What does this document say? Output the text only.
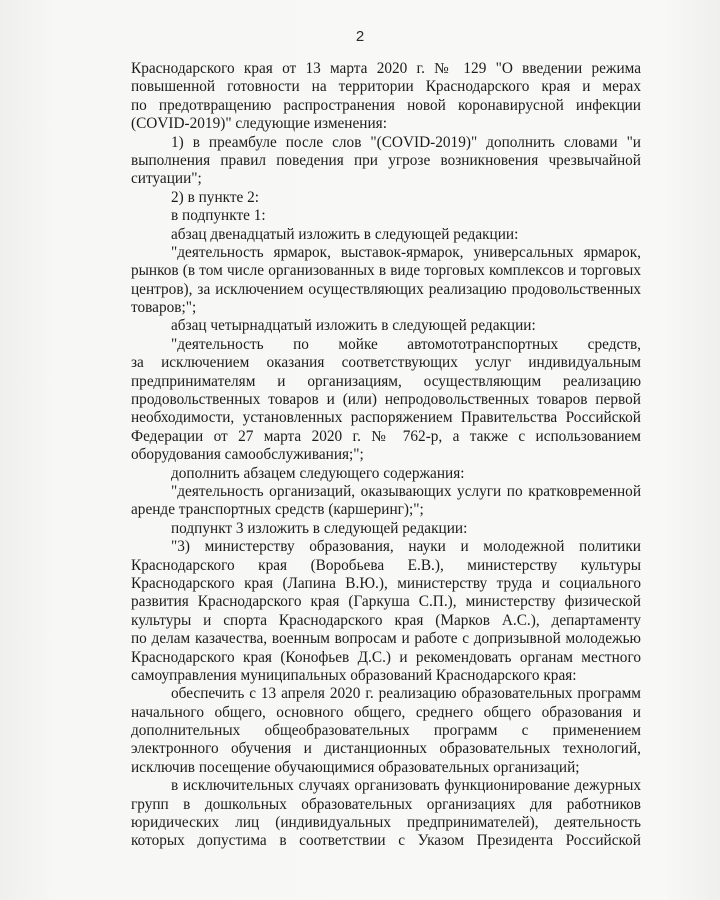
2
Краснодарского края от 13 марта 2020 г. № 129 "О введении режима
повышенной готовности на территории Краснодарского края и мерах
по предотвращению распространения новой коронавирусной инфекции
(COVID-2019)" следующие изменения:
1) в преамбуле после слов "(COVID-2019)" дополнить словами "и
выполнения правил поведения при угрозе возникновения чрезвычайной
ситуации";
2) в пункте 2:
в подпункте 1:
абзац двенадцатый изложить в следующей редакции:
"деятельность ярмарок, выставок-ярмарок, универсальных ярмарок,
рынков (в том числе организованных в виде торговых комплексов и торговых
центров), за исключением осуществляющих реализацию продовольственных
товаров;";
абзац четырнадцатый изложить в следующей редакции:
"деятельность по мойке автомототранспортных средств,
за исключением оказания соответствующих услуг индивидуальным
предпринимателям и организациям, осуществляющим реализацию
продовольственных товаров и (или) непродовольственных товаров первой
необходимости, установленных распоряжением Правительства Российской
Федерации от 27 марта 2020 г. № 762-р, а также с использованием
оборудования самообслуживания;";
дополнить абзацем следующего содержания:
"деятельность организаций, оказывающих услуги по кратковременной
аренде транспортных средств (каршеринг);";
подпункт 3 изложить в следующей редакции:
"3) министерству образования, науки и молодежной политики
Краснодарского края (Воробьева Е.В.), министерству культуры
Краснодарского края (Лапина В.Ю.), министерству труда и социального
развития Краснодарского края (Гаркуша С.П.), министерству физической
культуры и спорта Краснодарского края (Марков А.С.), департаменту
по делам казачества, военным вопросам и работе с допризывной молодежью
Краснодарского края (Конофьев Д.С.) и рекомендовать органам местного
самоуправления муниципальных образований Краснодарского края:
обеспечить с 13 апреля 2020 г. реализацию образовательных программ
начального общего, основного общего, среднего общего образования и
дополнительных общеобразовательных программ с применением
электронного обучения и дистанционных образовательных технологий,
исключив посещение обучающимися образовательных организаций;
в исключительных случаях организовать функционирование дежурных
групп в дошкольных образовательных организациях для работников
юридических лиц (индивидуальных предпринимателей), деятельность
которых допустима в соответствии с Указом Президента Российской
